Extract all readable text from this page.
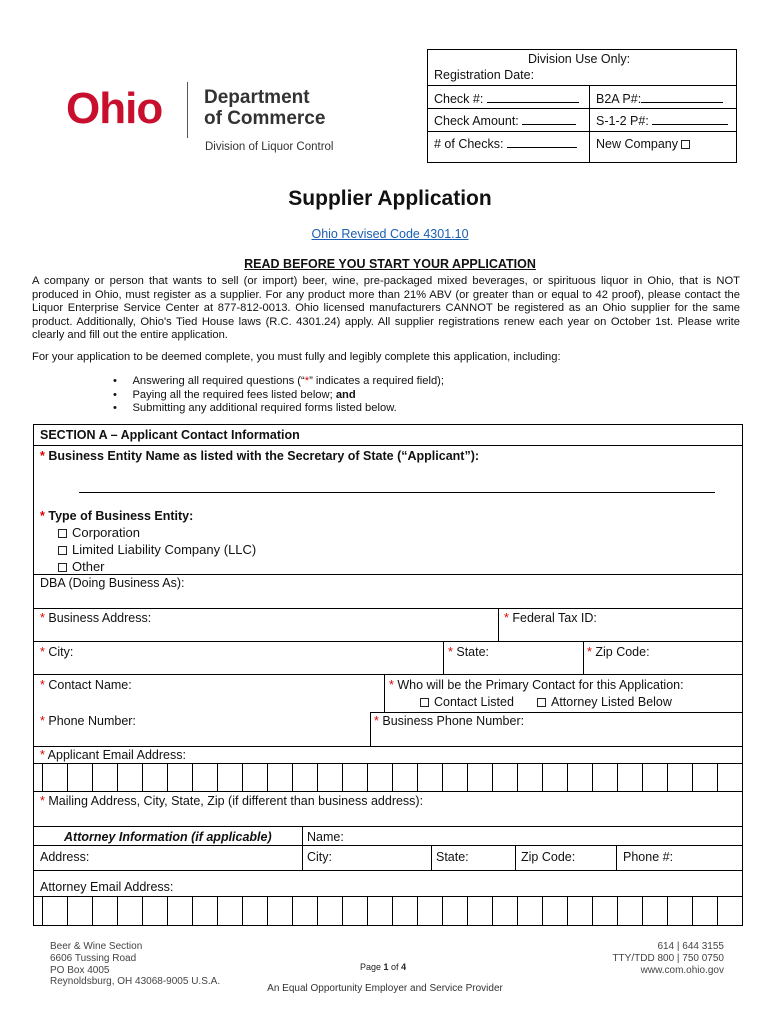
Ohio Department
of Commerce
Division of Liquor Control
Division Use Only:
Registration Date:
Check #:	B2A P#:
Check Amount:	S-1-2 P#:
# of Checks:	New Company
Supplier Application
Ohio Revised Code 4301.10
READ BEFORE YOU START YOUR APPLICATION
A company or person that wants to sell (or import) beer, wine, pre-packaged mixed beverages, or spirituous liquor in Ohio, that is NOT produced in Ohio, must register as a supplier. For any product more than 21% ABV (or greater than or equal to 42 proof), please contact the Liquor Enterprise Service Center at 877-812-0013. Ohio licensed manufacturers CANNOT be registered as an Ohio supplier for the same product. Additionally, Ohio's Tied House laws (R.C. 4301.24) apply. All supplier registrations renew each year on October 1st. Please write clearly and fill out the entire application.
For your application to be deemed complete, you must fully and legibly complete this application, including:
•     Answering all required questions (“*” indicates a required field);
•     Paying all the required fees listed below; and
•     Submitting any additional required forms listed below.
SECTION A – Applicant Contact Information
* Business Entity Name as listed with the Secretary of State (“Applicant”):
* Type of Business Entity:
Corporation
Limited Liability Company (LLC)
Other
DBA (Doing Business As):
* Business Address:	* Federal Tax ID:
* City:	* State:	* Zip Code:
* Contact Name:	* Who will be the Primary Contact for this Application:
Contact Listed	Attorney Listed Below
* Phone Number:	* Business Phone Number:
* Applicant Email Address:
* Mailing Address, City, State, Zip (if different than business address):
Attorney Information (if applicable)	Name:
Address:	City:	State:	Zip Code:	Phone #:
Attorney Email Address:
Beer & Wine Section
6606 Tussing Road
PO Box 4005
Reynoldsburg, OH 43068-9005 U.S.A.
Page 1 of 4
614 | 644 3155
TTY/TDD 800 | 750 0750
www.com.ohio.gov
An Equal Opportunity Employer and Service Provider
